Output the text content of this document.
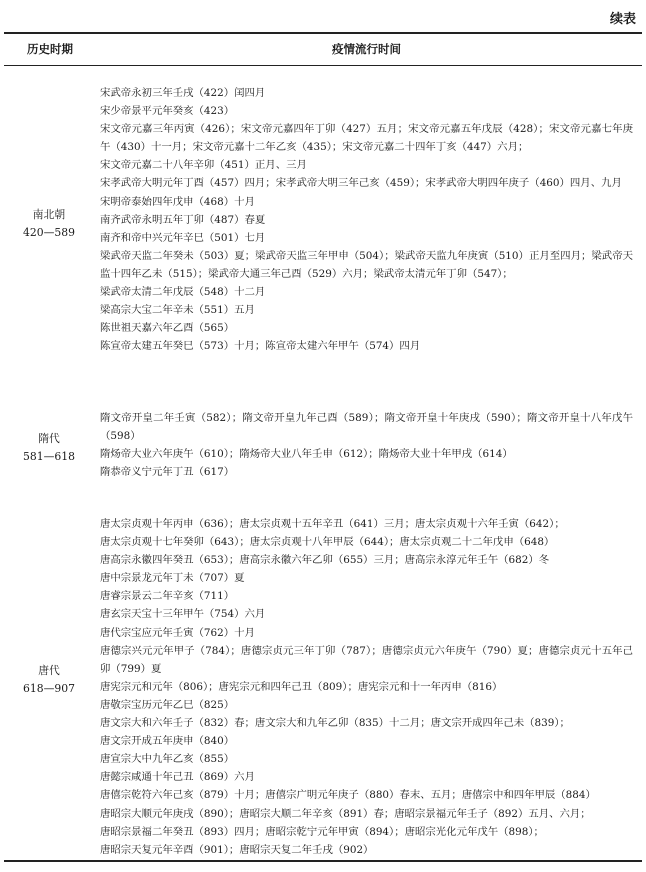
续表
历史时期	疫情流行时间
南北朝
420—589
宋武帝永初三年壬戌（422）闰四月
宋少帝景平元年癸亥（423）
宋文帝元嘉三年丙寅（426）；宋文帝元嘉四年丁卯（427）五月；宋文帝元嘉五年戊辰（428）；宋文帝元嘉七年庚午（430）十一月；宋文帝元嘉十二年乙亥（435）；宋文帝元嘉二十四年丁亥（447）六月；
宋文帝元嘉二十八年辛卯（451）正月、三月
宋孝武帝大明元年丁酉（457）四月；宋孝武帝大明三年己亥（459）；宋孝武帝大明四年庚子（460）四月、九月
宋明帝泰始四年戊申（468）十月
南齐武帝永明五年丁卯（487）春夏
南齐和帝中兴元年辛巳（501）七月
梁武帝天监二年癸未（503）夏；梁武帝天监三年甲申（504）；梁武帝天监九年庚寅（510）正月至四月；梁武帝天监十四年乙未（515）；梁武帝大通三年己酉（529）六月；梁武帝太清元年丁卯（547）；
梁武帝太清二年戊辰（548）十二月
梁高宗大宝二年辛未（551）五月
陈世祖天嘉六年乙酉（565）
陈宣帝太建五年癸巳（573）十月；陈宣帝太建六年甲午（574）四月
隋代
581—618
隋文帝开皇二年壬寅（582）；隋文帝开皇九年己酉（589）；隋文帝开皇十年庚戌（590）；隋文帝开皇十八年戊午（598）
隋炀帝大业六年庚午（610）；隋炀帝大业八年壬申（612）；隋炀帝大业十年甲戌（614）
隋恭帝义宁元年丁丑（617）
唐代
618—907
唐太宗贞观十年丙申（636）；唐太宗贞观十五年辛丑（641）三月；唐太宗贞观十六年壬寅（642）；
唐太宗贞观十七年癸卯（643）；唐太宗贞观十八年甲辰（644）；唐太宗贞观二十二年戊申（648）
唐高宗永徽四年癸丑（653）；唐高宗永徽六年乙卯（655）三月；唐高宗永淳元年壬午（682）冬
唐中宗景龙元年丁未（707）夏
唐睿宗景云二年辛亥（711）
唐玄宗天宝十三年甲午（754）六月
唐代宗宝应元年壬寅（762）十月
唐德宗兴元元年甲子（784）；唐德宗贞元三年丁卯（787）；唐德宗贞元六年庚午（790）夏；唐德宗贞元十五年己卯（799）夏
唐宪宗元和元年（806）；唐宪宗元和四年己丑（809）；唐宪宗元和十一年丙申（816）
唐敬宗宝历元年乙巳（825）
唐文宗大和六年壬子（832）春；唐文宗大和九年乙卯（835）十二月；唐文宗开成四年己未（839）；
唐文宗开成五年庚申（840）
唐宣宗大中九年乙亥（855）
唐懿宗咸通十年己丑（869）六月
唐僖宗乾符六年己亥（879）十月；唐僖宗广明元年庚子（880）春末、五月；唐僖宗中和四年甲辰（884）
唐昭宗大顺元年庚戌（890）；唐昭宗大顺二年辛亥（891）春；唐昭宗景福元年壬子（892）五月、六月；
唐昭宗景福二年癸丑（893）四月；唐昭宗乾宁元年甲寅（894）；唐昭宗光化元年戊午（898）；
唐昭宗天复元年辛酉（901）；唐昭宗天复二年壬戌（902）
